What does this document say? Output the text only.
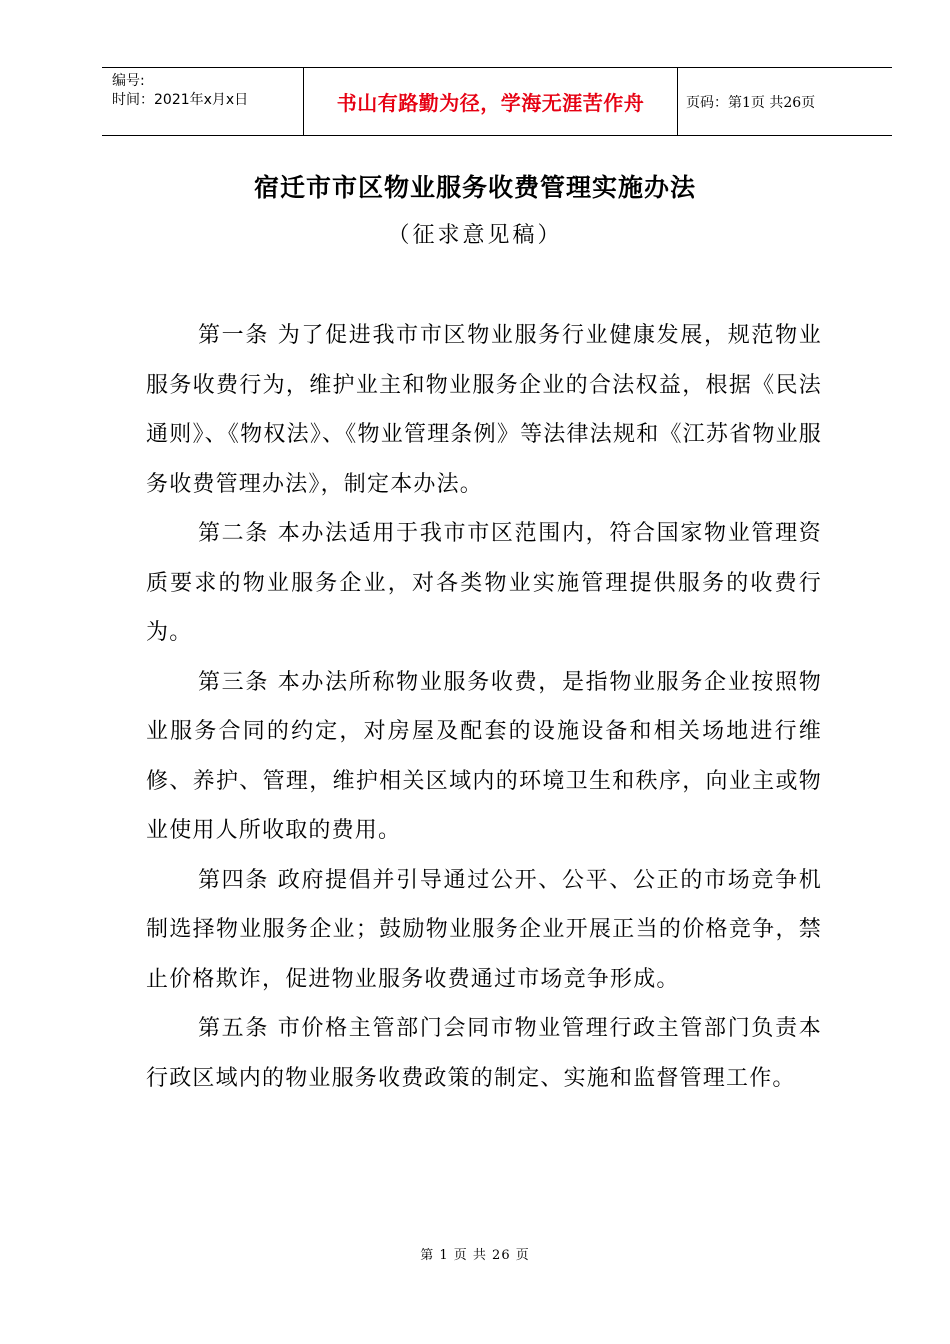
编号:
时间：2021年x月x日	书山有路勤为径，学海无涯苦作舟	页码：第1页 共26页
宿迁市市区物业服务收费管理实施办法
（征求意见稿）

第一条 为了促进我市市区物业服务行业健康发展，规范物业服务收费行为，维护业主和物业服务企业的合法权益，根据《民法通则》、《物权法》、《物业管理条例》等法律法规和《江苏省物业服务收费管理办法》，制定本办法。

第二条 本办法适用于我市市区范围内，符合国家物业管理资质要求的物业服务企业，对各类物业实施管理提供服务的收费行为。

第三条 本办法所称物业服务收费，是指物业服务企业按照物业服务合同的约定，对房屋及配套的设施设备和相关场地进行维修、养护、管理，维护相关区域内的环境卫生和秩序，向业主或物业使用人所收取的费用。

第四条 政府提倡并引导通过公开、公平、公正的市场竞争机制选择物业服务企业；鼓励物业服务企业开展正当的价格竞争，禁止价格欺诈，促进物业服务收费通过市场竞争形成。

第五条 市价格主管部门会同市物业管理行政主管部门负责本行政区域内的物业服务收费政策的制定、实施和监督管理工作。

第 1 页 共 26 页
